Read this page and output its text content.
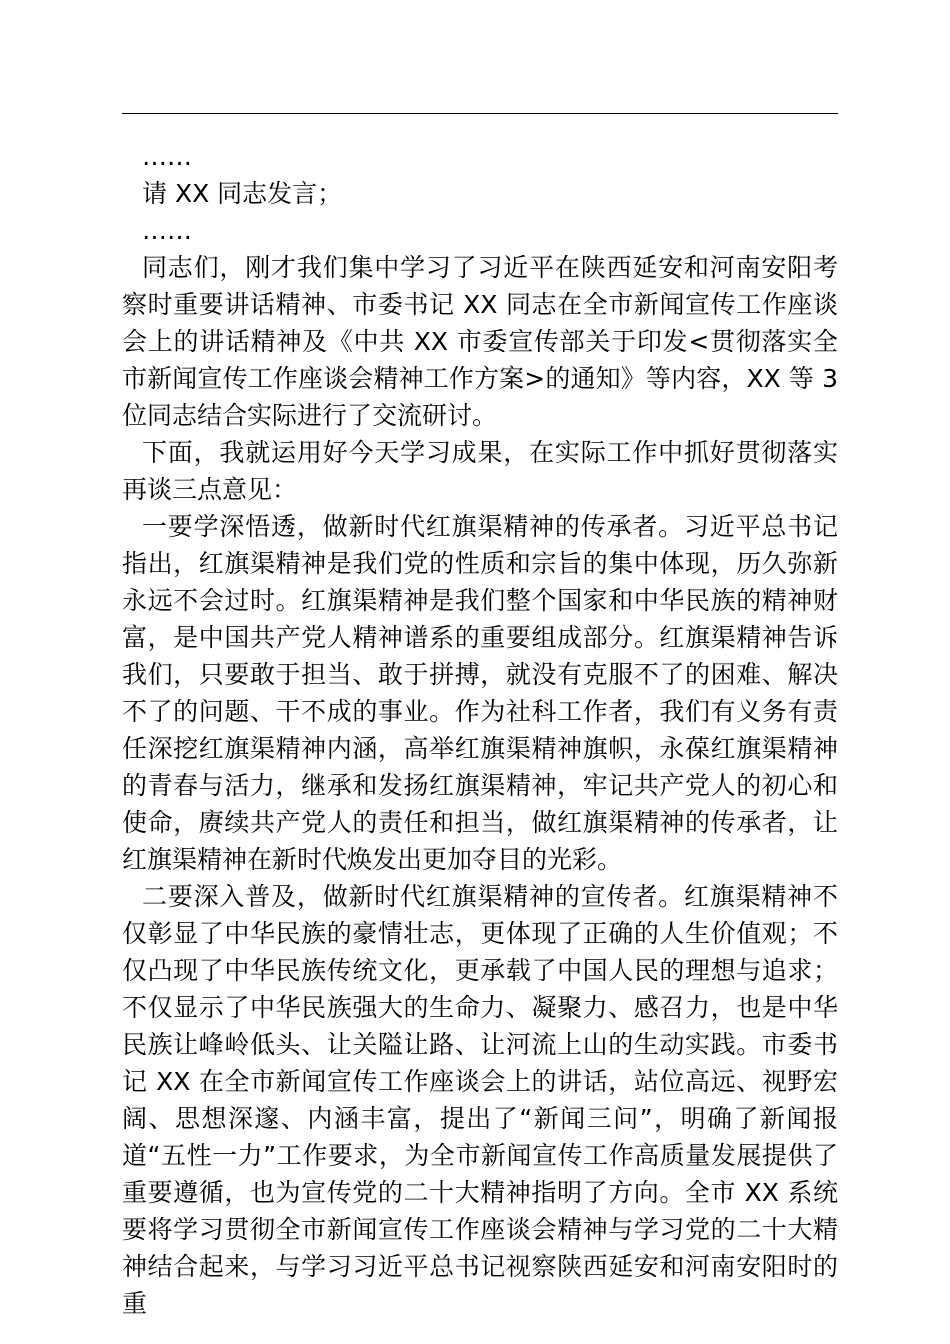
……

请 XX 同志发言；

……

同志们，刚才我们集中学习了习近平在陕西延安和河南安阳考察时重要讲话精神、市委书记 XX 同志在全市新闻宣传工作座谈会上的讲话精神及《中共 XX 市委宣传部关于印发<贯彻落实全市新闻宣传工作座谈会精神工作方案>的通知》等内容，XX 等 3 位同志结合实际进行了交流研讨。

下面，我就运用好今天学习成果，在实际工作中抓好贯彻落实再谈三点意见：

一要学深悟透，做新时代红旗渠精神的传承者。习近平总书记指出，红旗渠精神是我们党的性质和宗旨的集中体现，历久弥新永远不会过时。红旗渠精神是我们整个国家和中华民族的精神财富，是中国共产党人精神谱系的重要组成部分。红旗渠精神告诉我们，只要敢于担当、敢于拼搏，就没有克服不了的困难、解决不了的问题、干不成的事业。作为社科工作者，我们有义务有责任深挖红旗渠精神内涵，高举红旗渠精神旗帜，永葆红旗渠精神的青春与活力，继承和发扬红旗渠精神，牢记共产党人的初心和使命，赓续共产党人的责任和担当，做红旗渠精神的传承者，让红旗渠精神在新时代焕发出更加夺目的光彩。

二要深入普及，做新时代红旗渠精神的宣传者。红旗渠精神不仅彰显了中华民族的豪情壮志，更体现了正确的人生价值观；不仅凸现了中华民族传统文化，更承载了中国人民的理想与追求；不仅显示了中华民族强大的生命力、凝聚力、感召力，也是中华民族让峰岭低头、让关隘让路、让河流上山的生动实践。市委书记 XX 在全市新闻宣传工作座谈会上的讲话，站位高远、视野宏阔、思想深邃、内涵丰富，提出了“新闻三问”，明确了新闻报道“五性一力”工作要求，为全市新闻宣传工作高质量发展提供了重要遵循，也为宣传党的二十大精神指明了方向。全市 XX 系统要将学习贯彻全市新闻宣传工作座谈会精神与学习党的二十大精神结合起来，与学习习近平总书记视察陕西延安和河南安阳时的重
